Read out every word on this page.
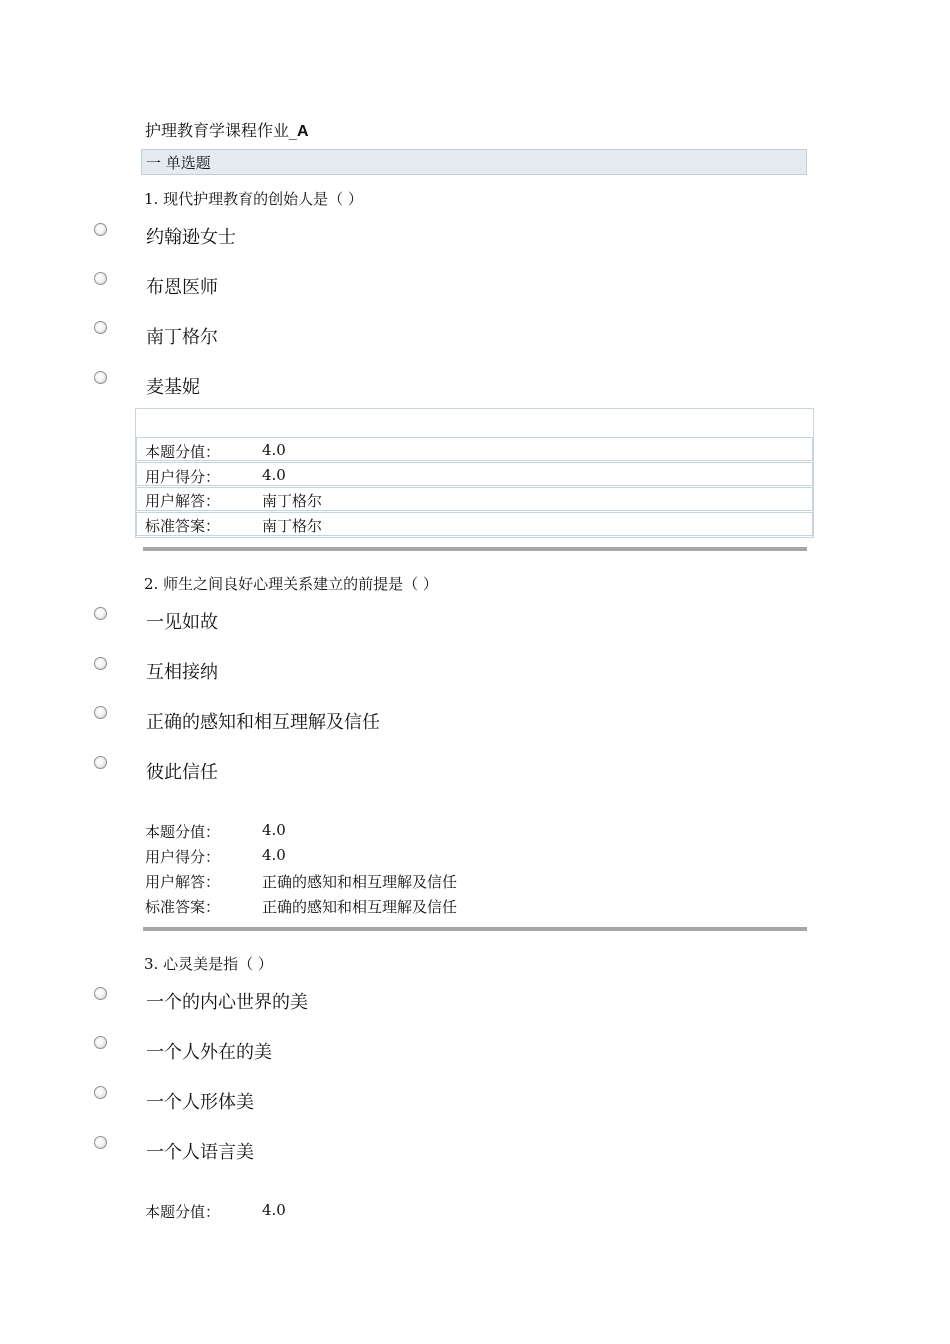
护理教育学课程作业_A
一 单选题
1. 现代护理教育的创始人是（ ）
约翰逊女士
布恩医师
南丁格尔
麦基妮
本题分值：	4.0
用户得分：	4.0
用户解答：	南丁格尔
标准答案：	南丁格尔
2. 师生之间良好心理关系建立的前提是（ ）
一见如故
互相接纳
正确的感知和相互理解及信任
彼此信任
本题分值：	4.0
用户得分：	4.0
用户解答：	正确的感知和相互理解及信任
标准答案：	正确的感知和相互理解及信任
3. 心灵美是指（ ）
一个的内心世界的美
一个人外在的美
一个人形体美
一个人语言美
本题分值：	4.0
